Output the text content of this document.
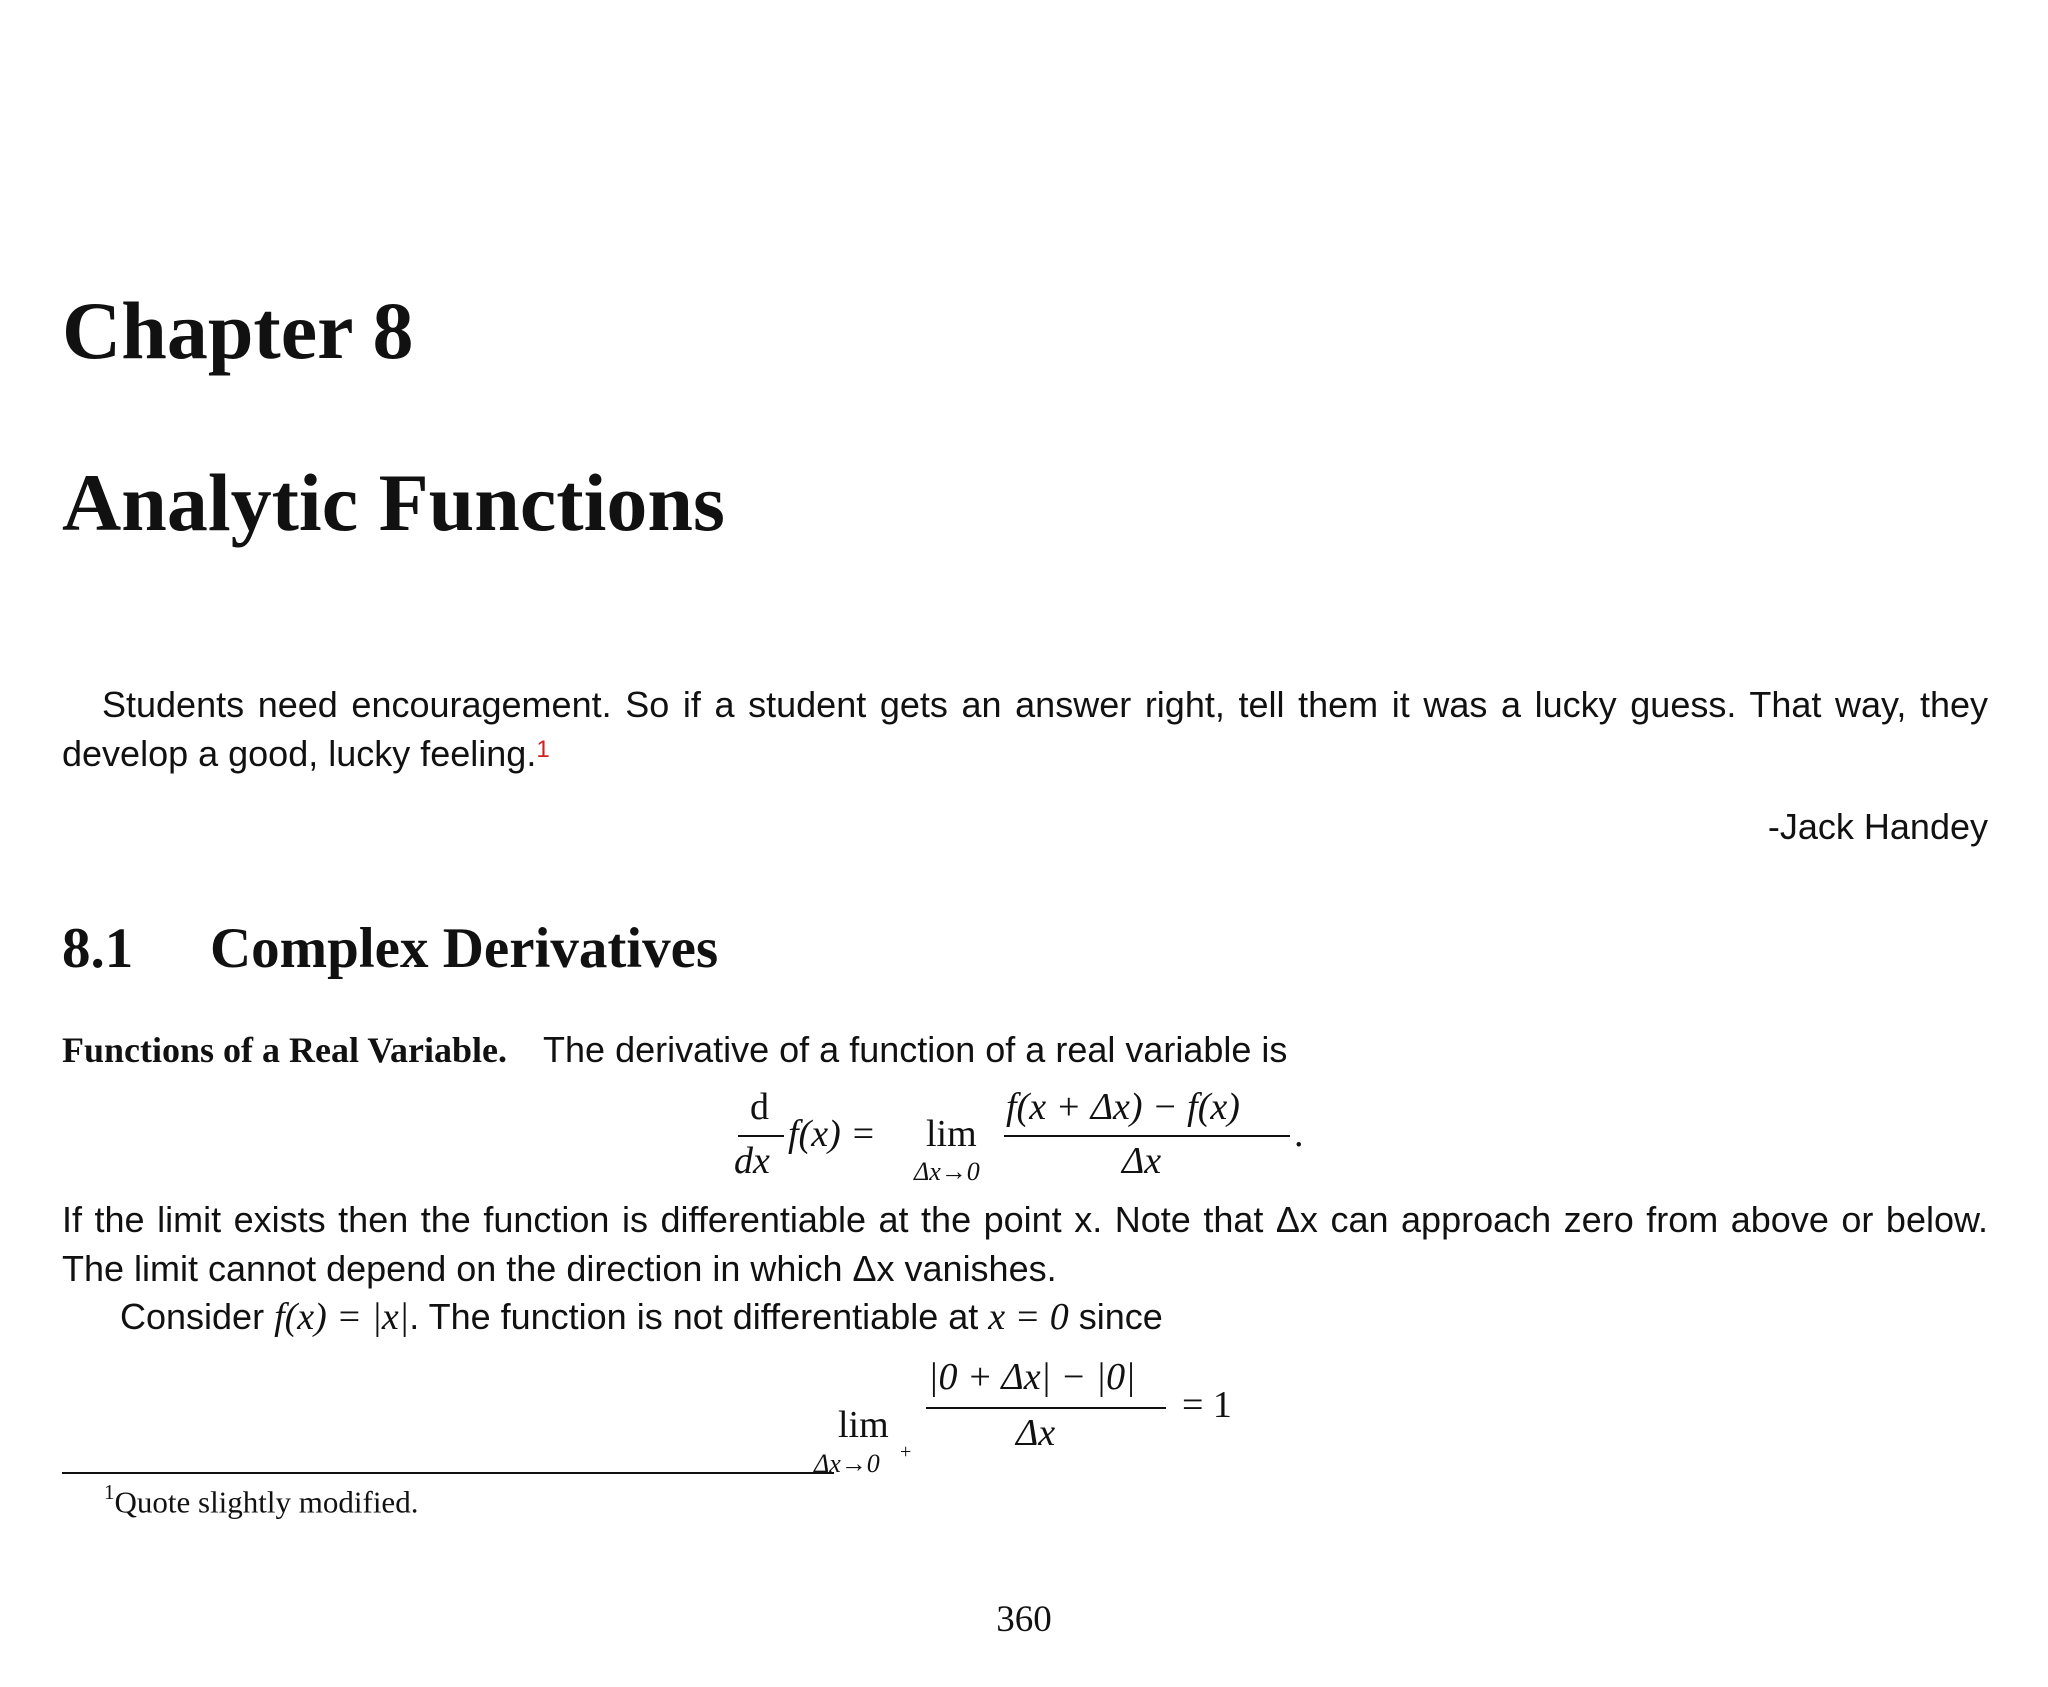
Chapter 8
Analytic Functions

Students need encouragement. So if a student gets an answer right, tell them it was a lucky guess. That way, they develop a good, lucky feeling.$^1$

-Jack Handey

8.1 Complex Derivatives

Functions of a Real Variable. The derivative of a function of a real variable is

d
dx
f(x) = lim
Δx→0
f(x + Δx) − f(x)
Δx
.

If the limit exists then the function is differentiable at the point x. Note that Δx can approach zero from above or below. The limit cannot depend on the direction in which Δx vanishes.

Consider f(x) = |x|. The function is not differentiable at x = 0 since

lim
Δx→0 +
|0 + Δx| − |0|
Δx
= 1

$^1$Quote slightly modified.

360
